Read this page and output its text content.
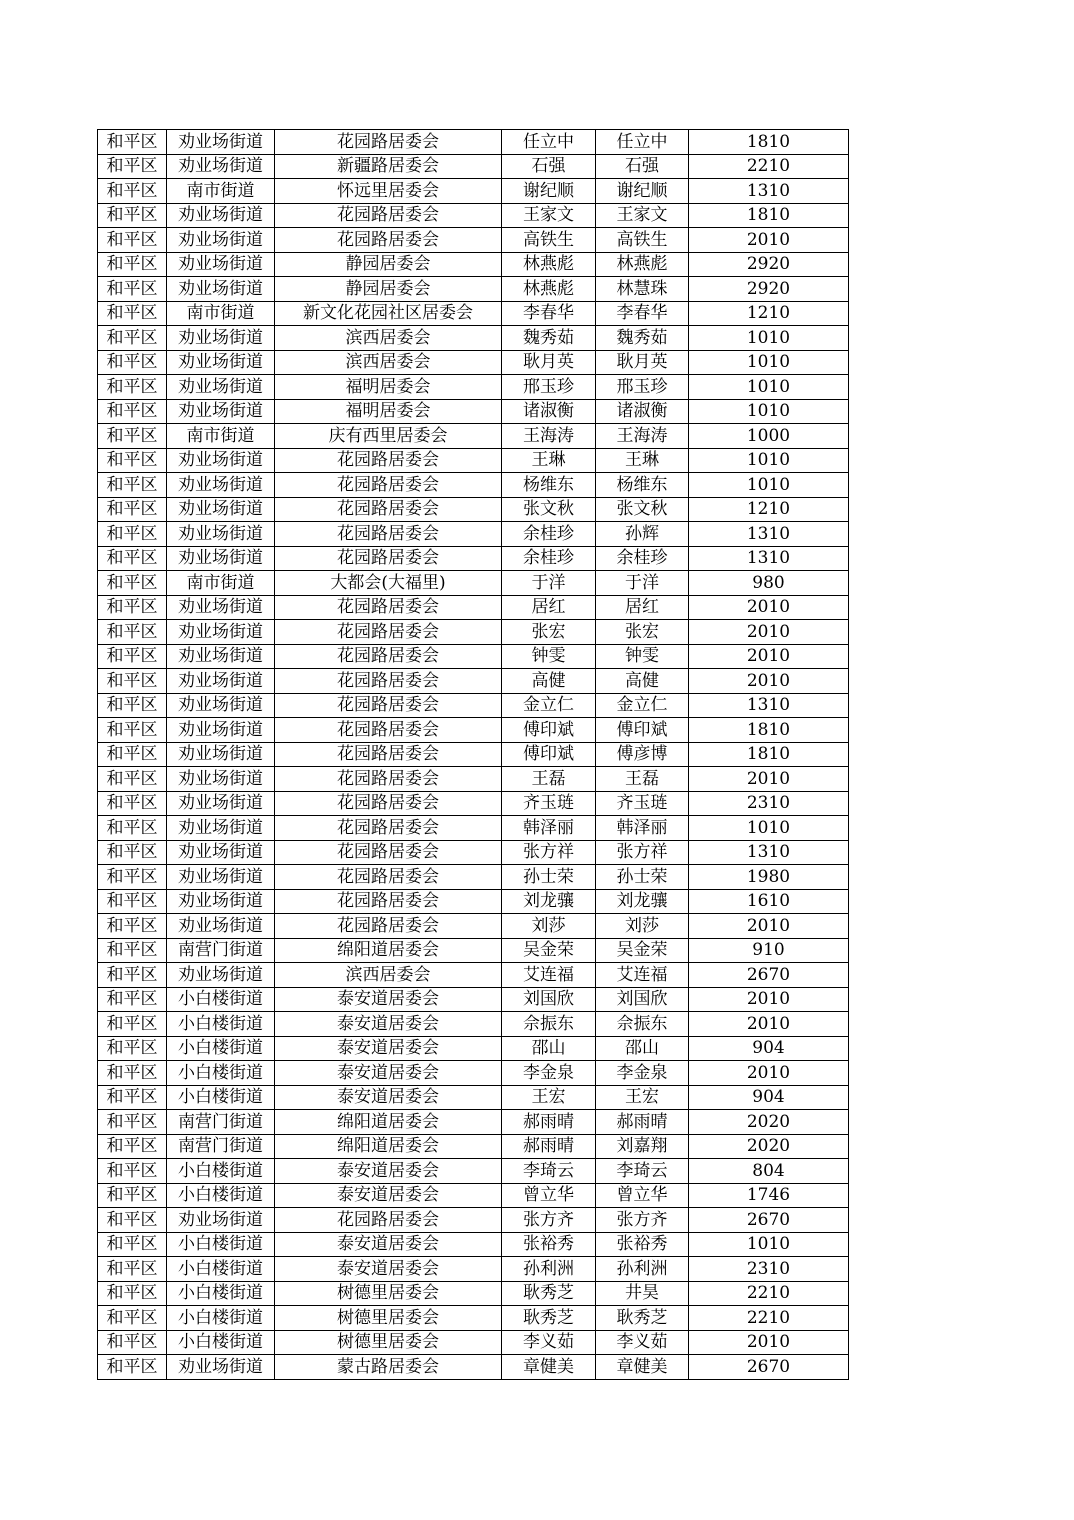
和平区	劝业场街道	花园路居委会	任立中	任立中	1810
和平区	劝业场街道	新疆路居委会	石强	石强	2210
和平区	南市街道	怀远里居委会	谢纪顺	谢纪顺	1310
和平区	劝业场街道	花园路居委会	王家文	王家文	1810
和平区	劝业场街道	花园路居委会	高铁生	高铁生	2010
和平区	劝业场街道	静园居委会	林燕彪	林燕彪	2920
和平区	劝业场街道	静园居委会	林燕彪	林慧珠	2920
和平区	南市街道	新文化花园社区居委会	李春华	李春华	1210
和平区	劝业场街道	滨西居委会	魏秀茹	魏秀茹	1010
和平区	劝业场街道	滨西居委会	耿月英	耿月英	1010
和平区	劝业场街道	福明居委会	邢玉珍	邢玉珍	1010
和平区	劝业场街道	福明居委会	诸淑衡	诸淑衡	1010
和平区	南市街道	庆有西里居委会	王海涛	王海涛	1000
和平区	劝业场街道	花园路居委会	王琳	王琳	1010
和平区	劝业场街道	花园路居委会	杨维东	杨维东	1010
和平区	劝业场街道	花园路居委会	张文秋	张文秋	1210
和平区	劝业场街道	花园路居委会	余桂珍	孙辉	1310
和平区	劝业场街道	花园路居委会	余桂珍	余桂珍	1310
和平区	南市街道	大都会(大福里)	于洋	于洋	980
和平区	劝业场街道	花园路居委会	居红	居红	2010
和平区	劝业场街道	花园路居委会	张宏	张宏	2010
和平区	劝业场街道	花园路居委会	钟雯	钟雯	2010
和平区	劝业场街道	花园路居委会	高健	高健	2010
和平区	劝业场街道	花园路居委会	金立仁	金立仁	1310
和平区	劝业场街道	花园路居委会	傅印斌	傅印斌	1810
和平区	劝业场街道	花园路居委会	傅印斌	傅彦博	1810
和平区	劝业场街道	花园路居委会	王磊	王磊	2010
和平区	劝业场街道	花园路居委会	齐玉琏	齐玉琏	2310
和平区	劝业场街道	花园路居委会	韩泽丽	韩泽丽	1010
和平区	劝业场街道	花园路居委会	张方祥	张方祥	1310
和平区	劝业场街道	花园路居委会	孙士荣	孙士荣	1980
和平区	劝业场街道	花园路居委会	刘龙骧	刘龙骧	1610
和平区	劝业场街道	花园路居委会	刘莎	刘莎	2010
和平区	南营门街道	绵阳道居委会	吴金荣	吴金荣	910
和平区	劝业场街道	滨西居委会	艾连福	艾连福	2670
和平区	小白楼街道	泰安道居委会	刘国欣	刘国欣	2010
和平区	小白楼街道	泰安道居委会	佘振东	佘振东	2010
和平区	小白楼街道	泰安道居委会	邵山	邵山	904
和平区	小白楼街道	泰安道居委会	李金泉	李金泉	2010
和平区	小白楼街道	泰安道居委会	王宏	王宏	904
和平区	南营门街道	绵阳道居委会	郝雨晴	郝雨晴	2020
和平区	南营门街道	绵阳道居委会	郝雨晴	刘嘉翔	2020
和平区	小白楼街道	泰安道居委会	李琦云	李琦云	804
和平区	小白楼街道	泰安道居委会	曾立华	曾立华	1746
和平区	劝业场街道	花园路居委会	张方齐	张方齐	2670
和平区	小白楼街道	泰安道居委会	张裕秀	张裕秀	1010
和平区	小白楼街道	泰安道居委会	孙利洲	孙利洲	2310
和平区	小白楼街道	树德里居委会	耿秀芝	井昊	2210
和平区	小白楼街道	树德里居委会	耿秀芝	耿秀芝	2210
和平区	小白楼街道	树德里居委会	李义茹	李义茹	2010
和平区	劝业场街道	蒙古路居委会	章健美	章健美	2670
